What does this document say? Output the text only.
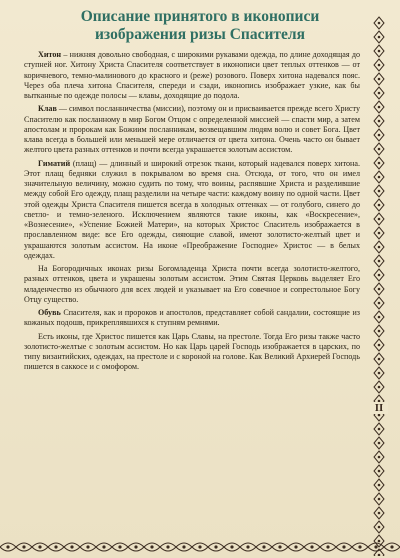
Описание принятого в иконописи
изображения ризы Спасителя

Хитон – нижняя довольно свободная, с широкими рукавами одежда, по длине доходящая до ступней ног. Хитону Христа Спасителя соответствует в иконописи цвет теплых оттенков — от коричневого, темно-малинового до красного и (реже) розового. Поверх хитона надевался пояс. Через оба плеча хитона Спасителя, спереди и сзади, иконопись изображает узкие, как бы вытканные по одежде полосы — клавы, доходящие до подола.

Клав — символ посланничества (миссии), поэтому он и присваивается прежде всего Христу Спасителю как посланному в мир Богом Отцом с определенной миссией — спасти мир, а затем апостолам и пророкам как Божиим посланникам, возвещавшим людям волю и совет Бога. Цвет клава всегда в большей или меньшей мере отличается от цвета хитона. Очень часто он бывает желтого цвета разных оттенков и почти всегда украшается золотым ассистом.

Гиматий (плащ) — длинный и широкий отрезок ткани, который надевался поверх хитона. Этот плащ бедняки служил в покрывалом во время сна. Отсюда, от того, что он имел значительную величину, можно судить по тому, что воины, распявшие Христа и разделившие между собой Его одежду, плащ разделили на четыре части: каждому воину по одной части. Цвет этой одежды Христа Спасителя пишется всегда в холодных оттенках — от голубого, синего до светло- и темно-зеленого. Исключением являются такие иконы, как «Воскресение», «Вознесение», «Успение Божией Матери», на которых Христос Спаситель изображается в прославленном виде: все Его одежды, сияющие славой, имеют золотисто-желтый цвет и украшаются золотым ассистом. На иконе «Преображение Господне» Христос — в белых одеждах.

На Богородичных иконах ризы Богомладенца Христа почти всегда золотисто-желтого, разных оттенков, цвета и украшены золотым ассистом. Этим Святая Церковь выделяет Его младенчество из обычного для всех людей и указывает на Его совечное и сопрестольное Богу Отцу существо.

Обувь Спасителя, как и пророков и апостолов, представляет собой сандалии, состоящие из кожаных подошв, прикреплявшихся к ступням ремнями.

Есть иконы, где Христос пишется как Царь Славы, на престоле. Тогда Его ризы также часто золотисто-желтые с золотым ассистом. Но как Царь царей Господь изображается в царских, по типу византийских, одеждах, на престоле и с короной на голове. Как Великий Архиерей Господь пишется в саккосе и с омофором.

II
